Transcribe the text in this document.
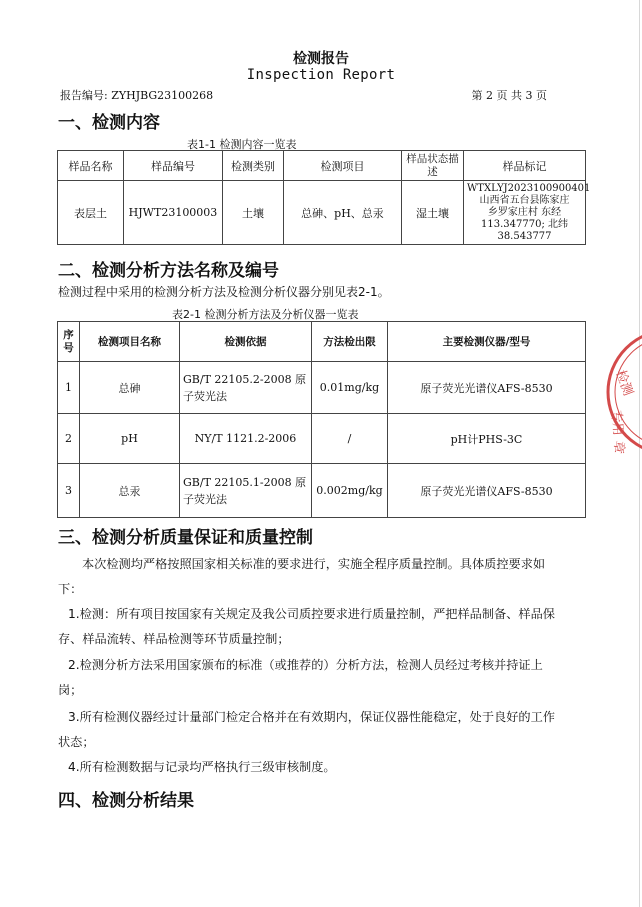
检测报告
Inspection Report
报告编号: ZYHJBG23100268	第 2 页 共 3 页
一、检测内容
表1-1 检测内容一览表
样品名称	样品编号	检测类别	检测项目	样品状态描述	样品标记
表层土	HJWT23100003	土壤	总砷、pH、总汞	湿土壤	WTXLYJ2023100900401
山西省五台县陈家庄
乡罗家庄村 东经
113.347770; 北纬
38.543777
二、检测分析方法名称及编号
检测过程中采用的检测分析方法及检测分析仪器分别见表2-1。
表2-1 检测分析方法及分析仪器一览表
序号	检测项目名称	检测依据	方法检出限	主要检测仪器/型号
1	总砷	GB/T 22105.2-2008 原子荧光法	0.01mg/kg	原子荧光光谱仪AFS-8530
2	pH	NY/T 1121.2-2006	/	pH计PHS-3C
3	总汞	GB/T 22105.1-2008 原子荧光法	0.002mg/kg	原子荧光光谱仪AFS-8530
三、检测分析质量保证和质量控制
本次检测均严格按照国家相关标准的要求进行，实施全程序质量控制。具体质控要求如
下：
1.检测：所有项目按国家有关规定及我公司质控要求进行质量控制，严把样品制备、样品保
存、样品流转、样品检测等环节质量控制；
2.检测分析方法采用国家颁布的标准（或推荐的）分析方法，检测人员经过考核并持证上
岗；
3.所有检测仪器经过计量部门检定合格并在有效期内，保证仪器性能稳定，处于良好的工作
状态；
4.所有检测数据与记录均严格执行三级审核制度。
四、检测分析结果
检测
专用
章
